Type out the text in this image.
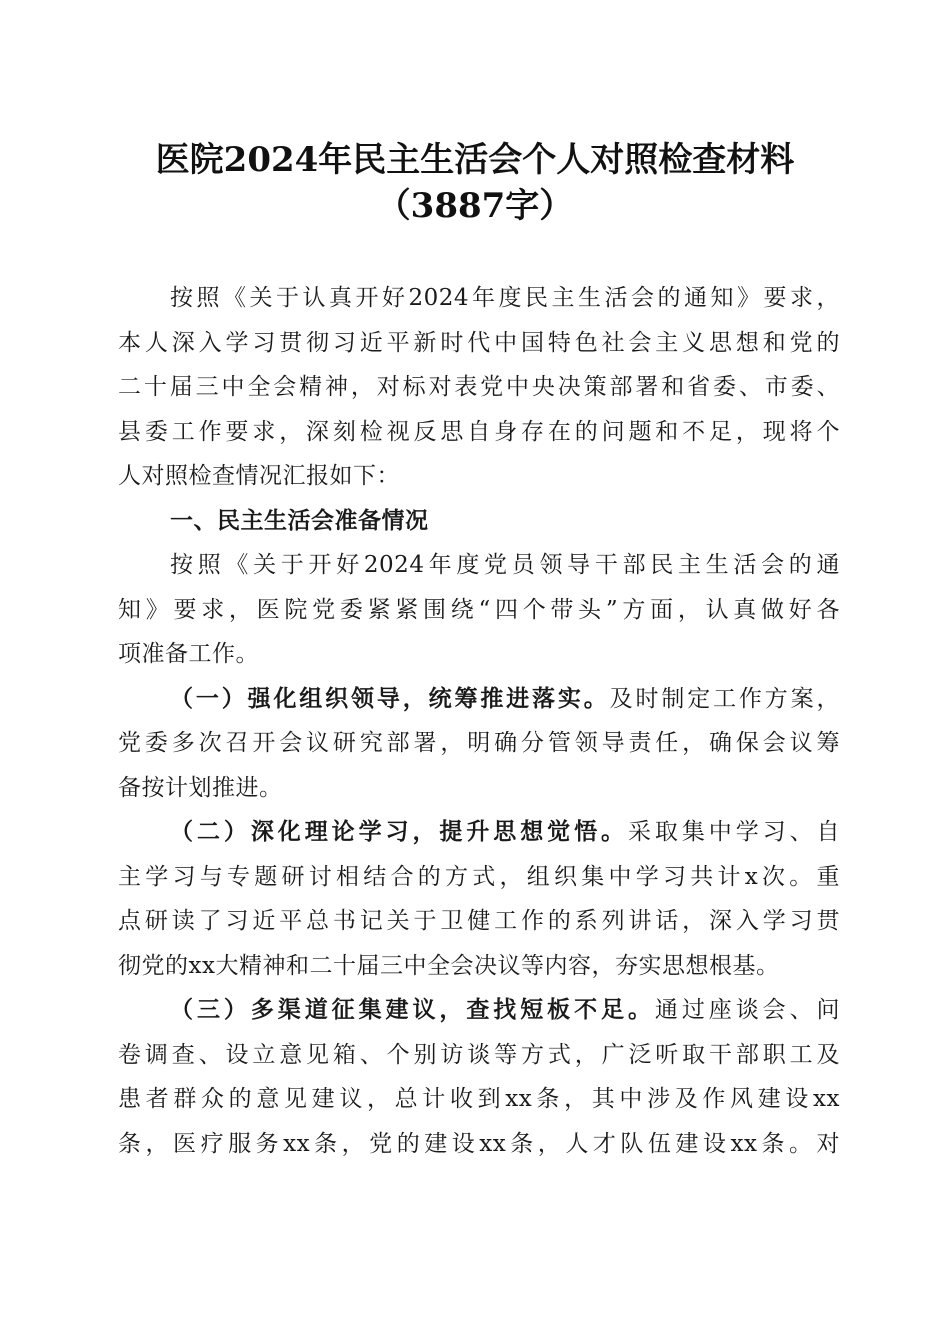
医院2024年民主生活会个人对照检查材料
（3887字）
按照《关于认真开好2024年度民主生活会的通知》要求，
本人深入学习贯彻习近平新时代中国特色社会主义思想和党的
二十届三中全会精神，对标对表党中央决策部署和省委、市委、
县委工作要求，深刻检视反思自身存在的问题和不足，现将个
人对照检查情况汇报如下：
一、民主生活会准备情况
按照《关于开好2024年度党员领导干部民主生活会的通
知》要求，医院党委紧紧围绕“四个带头”方面，认真做好各
项准备工作。
（一）强化组织领导，统筹推进落实。及时制定工作方案，
党委多次召开会议研究部署，明确分管领导责任，确保会议筹
备按计划推进。
（二）深化理论学习，提升思想觉悟。采取集中学习、自
主学习与专题研讨相结合的方式，组织集中学习共计x次。重
点研读了习近平总书记关于卫健工作的系列讲话，深入学习贯
彻党的xx大精神和二十届三中全会决议等内容，夯实思想根基。
（三）多渠道征集建议，查找短板不足。通过座谈会、问
卷调查、设立意见箱、个别访谈等方式，广泛听取干部职工及
患者群众的意见建议，总计收到xx条，其中涉及作风建设xx
条，医疗服务xx条，党的建设xx条，人才队伍建设xx条。对
